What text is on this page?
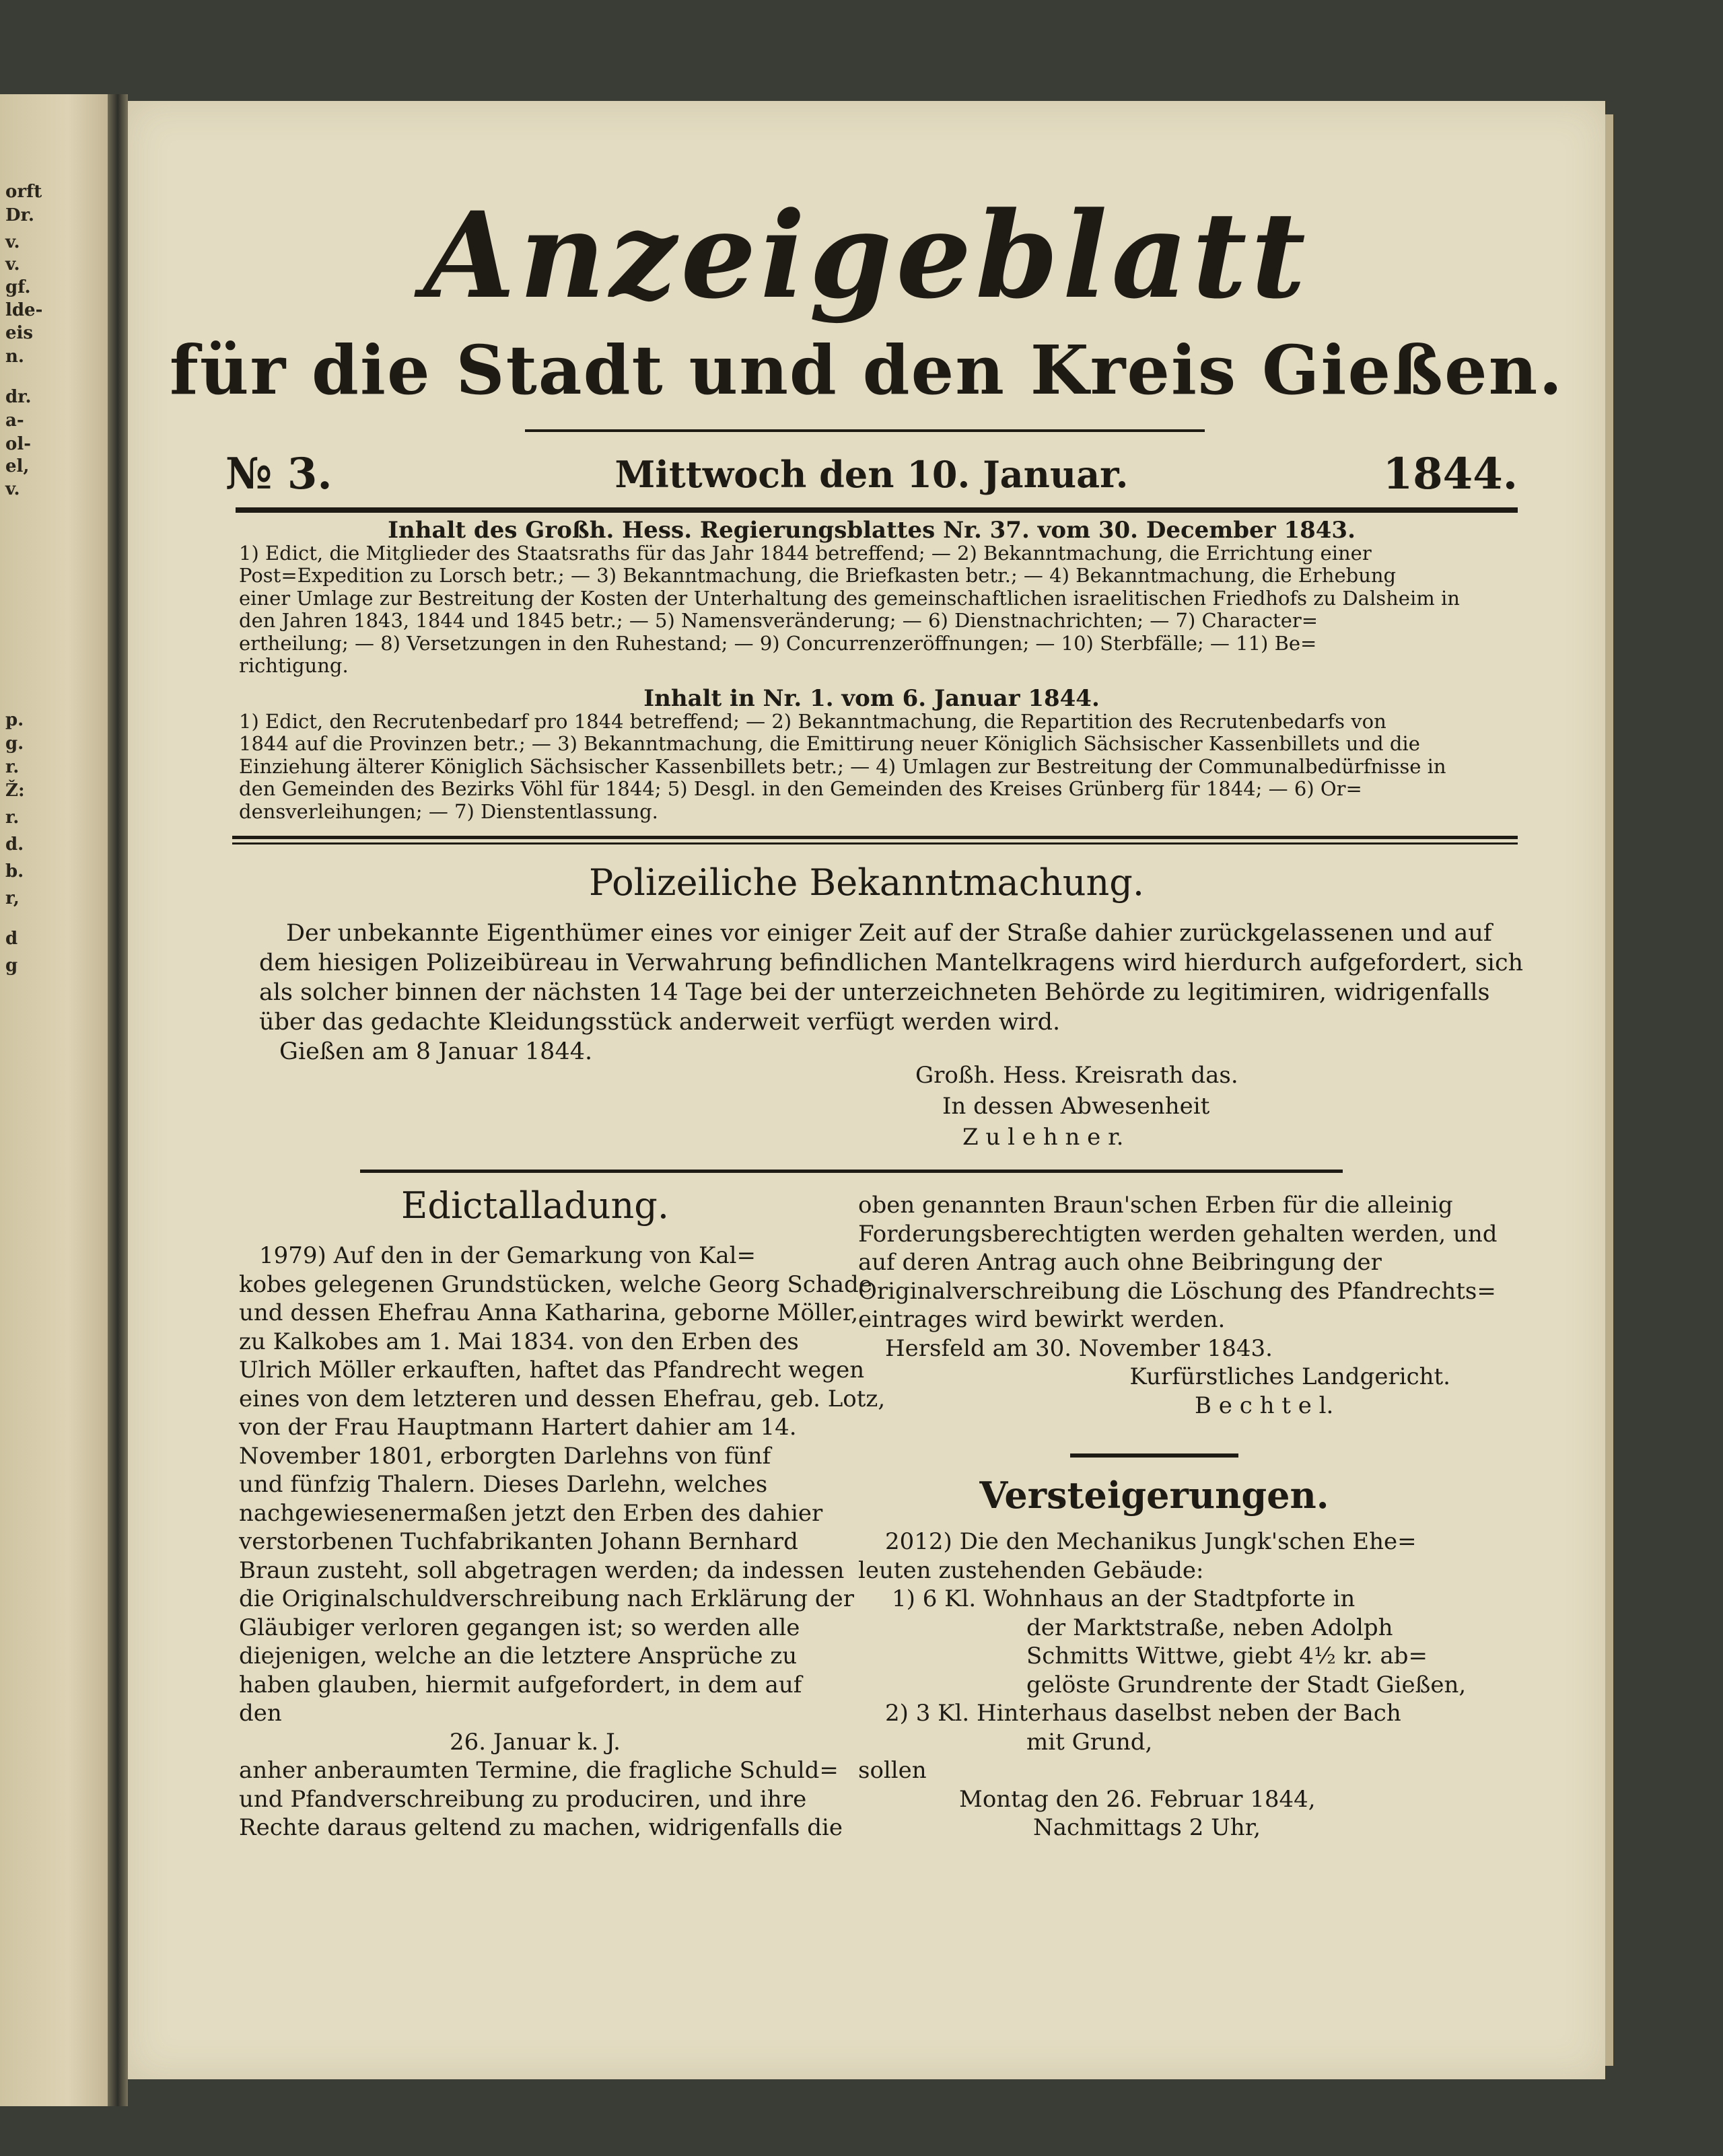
orft
Dr.
v.
v.
gf.
lde-
eis
n.
dr.
a-
ol-
el,
v.
p.
g.
r.
Ž:
r.
d.
b.
r,
d
g
Anzeigeblatt
für die Stadt und den Kreis Gießen.
№ 3.	Mittwoch den 10. Januar.	1844.
Inhalt des Großh. Hess. Regierungsblattes Nr. 37. vom 30. December 1843.
1) Edict, die Mitglieder des Staatsraths für das Jahr 1844 betreffend; — 2) Bekanntmachung, die Errichtung einer
Post=Expedition zu Lorsch betr.; — 3) Bekanntmachung, die Briefkasten betr.; — 4) Bekanntmachung, die Erhebung
einer Umlage zur Bestreitung der Kosten der Unterhaltung des gemeinschaftlichen israelitischen Friedhofs zu Dalsheim in
den Jahren 1843, 1844 und 1845 betr.; — 5) Namensveränderung; — 6) Dienstnachrichten; — 7) Character=
ertheilung; — 8) Versetzungen in den Ruhestand; — 9) Concurrenzeröffnungen; — 10) Sterbfälle; — 11) Be=
richtigung.
Inhalt in Nr. 1. vom 6. Januar 1844.
1) Edict, den Recrutenbedarf pro 1844 betreffend; — 2) Bekanntmachung, die Repartition des Recrutenbedarfs von
1844 auf die Provinzen betr.; — 3) Bekanntmachung, die Emittirung neuer Königlich Sächsischer Kassenbillets und die
Einziehung älterer Königlich Sächsischer Kassenbillets betr.; — 4) Umlagen zur Bestreitung der Communalbedürfnisse in
den Gemeinden des Bezirks Vöhl für 1844; 5) Desgl. in den Gemeinden des Kreises Grünberg für 1844; — 6) Or=
densverleihungen; — 7) Dienstentlassung.
Polizeiliche Bekanntmachung.
Der unbekannte Eigenthümer eines vor einiger Zeit auf der Straße dahier zurückgelassenen und auf
dem hiesigen Polizeibüreau in Verwahrung befindlichen Mantelkragens wird hierdurch aufgefordert, sich
als solcher binnen der nächsten 14 Tage bei der unterzeichneten Behörde zu legitimiren, widrigenfalls
über das gedachte Kleidungsstück anderweit verfügt werden wird.
Gießen am 8 Januar 1844.
Großh. Hess. Kreisrath das.
In dessen Abwesenheit
Z u l e h n e r.
Edictalladung.
1979) Auf den in der Gemarkung von Kal=
kobes gelegenen Grundstücken, welche Georg Schade
und dessen Ehefrau Anna Katharina, geborne Möller,
zu Kalkobes am 1. Mai 1834. von den Erben des
Ulrich Möller erkauften, haftet das Pfandrecht wegen
eines von dem letzteren und dessen Ehefrau, geb. Lotz,
von der Frau Hauptmann Hartert dahier am 14.
November 1801, erborgten Darlehns von fünf
und fünfzig Thalern. Dieses Darlehn, welches
nachgewiesenermaßen jetzt den Erben des dahier
verstorbenen Tuchfabrikanten Johann Bernhard
Braun zusteht, soll abgetragen werden; da indessen
die Originalschuldverschreibung nach Erklärung der
Gläubiger verloren gegangen ist; so werden alle
diejenigen, welche an die letztere Ansprüche zu
haben glauben, hiermit aufgefordert, in dem auf
den
26. Januar k. J.
anher anberaumten Termine, die fragliche Schuld=
und Pfandverschreibung zu produciren, und ihre
Rechte daraus geltend zu machen, widrigenfalls die
oben genannten Braun'schen Erben für die alleinig
Forderungsberechtigten werden gehalten werden, und
auf deren Antrag auch ohne Beibringung der
Originalverschreibung die Löschung des Pfandrechts=
eintrages wird bewirkt werden.
Hersfeld am 30. November 1843.
Kurfürstliches Landgericht.
B e c h t e l.
Versteigerungen.
2012) Die den Mechanikus Jungk'schen Ehe=
leuten zustehenden Gebäude:
1) 6 Kl. Wohnhaus an der Stadtpforte in
der Marktstraße, neben Adolph
Schmitts Wittwe, giebt 4½ kr. ab=
gelöste Grundrente der Stadt Gießen,
2) 3 Kl. Hinterhaus daselbst neben der Bach
mit Grund,
sollen
Montag den 26. Februar 1844,
Nachmittags 2 Uhr,
